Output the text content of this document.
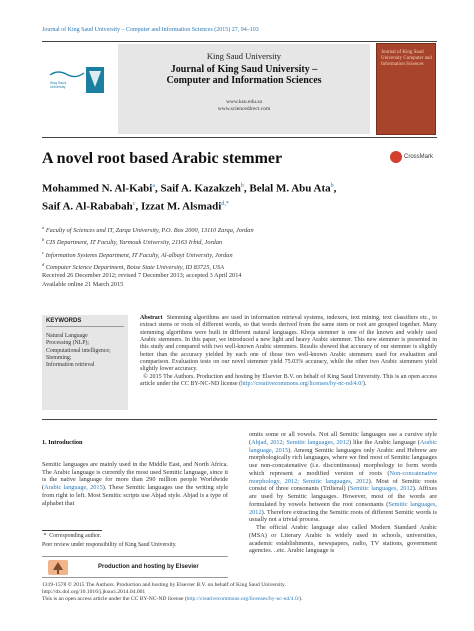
Journal of King Saud University – Computer and Information Sciences (2015) 27, 94–103
King Saud University
King Saud University
Journal of King Saud University –
Computer and Information Sciences
www.ksu.edu.sa
www.sciencedirect.com
Journal of King Saud University Computer and Information Sciences
A novel root based Arabic stemmer	CrossMark
Mohammed N. Al-Kabi$^a$, Saif A. Kazakzeh$^b$, Belal M. Abu Ata$^b$,
Saif A. Al-Rababah$^c$, Izzat M. Alsmadi$^{d,*}$
$^a$ Faculty of Sciences and IT, Zarqa University, P.O. Box 2000, 13110 Zarqa, Jordan
$^b$ CIS Department, IT Faculty, Yarmouk University, 21163 Irbid, Jordan
$^c$ Information Systems Department, IT Faculty, Al-albayt University, Jordan
$^d$ Computer Science Department, Boise State University, ID 83725, USA
Received 26 December 2012; revised 7 December 2013; accepted 3 April 2014
Available online 21 March 2015
KEYWORDS
Natural Language
Processing (NLP);
Computational intelligence;
Stemming;
Information retrieval
Abstract Stemming algorithms are used in information retrieval systems, indexers, text mining, text classifiers etc., to extract stems or roots of different words, so that words derived from the same stem or root are grouped together. Many stemming algorithms were built in different natural languages. Khoja stemmer is one of the known and widely used Arabic stemmers. In this paper, we introduced a new light and heavy Arabic stemmer. This new stemmer is presented in this study and compared with two well-known Arabic stemmers. Results showed that accuracy of our stemmer is slightly better than the accuracy yielded by each one of those two well-known Arabic stemmers used for evaluation and comparison. Evaluation tests on our novel stemmer yield 75.03% accuracy, while the other two Arabic stemmers yield slightly lower accuracy.
© 2015 The Authors. Production and hosting by Elsevier B.V. on behalf of King Saud University. This is an open access article under the CC BY-NC-ND license (http://creativecommons.org/licenses/by-nc-nd/4.0/).
1. Introduction

Semitic languages are mainly used in the Middle East, and North Africa. The Arabic language is currently the most used Semitic language, since it is the native language for more than 290 million people Worldwide (Arabic language, 2015). These Semitic languages use the writing style from right to left. Most Semitic scripts use Abjad style. Abjad is a type of alphabet that

omits some or all vowels. Not all Semitic languages use a cursive style (Abjad, 2012; Semitic languages, 2012) like the Arabic language (Arabic language, 2015). Among Semitic languages only Arabic and Hebrew are morphologically rich languages, where we find most of Semitic languages use non-concatenative (i.e. discontinuous) morphology to form words which represent a modified version of roots (Non-concatenative morphology, 2012; Semitic languages, 2012). Most of Semitic roots consist of three consonants (Trilieral) (Semitic languages, 2012). Affixes are used by Semitic languages. However, most of the words are formulated by vowels between the root consonants (Semitic languages, 2012). Therefore extracting the Semitic roots of different Semitic words is usually not a trivial process.

The official Arabic language also called Modern Standard Arabic (MSA) or Literary Arabic is widely used in schools, universities, academic establishments, newspapers, radio, TV stations, government agencies. ..etc. Arabic language is

*  Corresponding author.
Peer review under responsibility of King Saud University.
Production and hosting by Elsevier
1319-1578 © 2015 The Authors. Production and hosting by Elsevier B.V. on behalf of King Saud University.
http://dx.doi.org/10.1016/j.jksuci.2014.04.001
This is an open access article under the CC BY-NC-ND license (http://creativecommons.org/licenses/by-nc-nd/4.0/).
